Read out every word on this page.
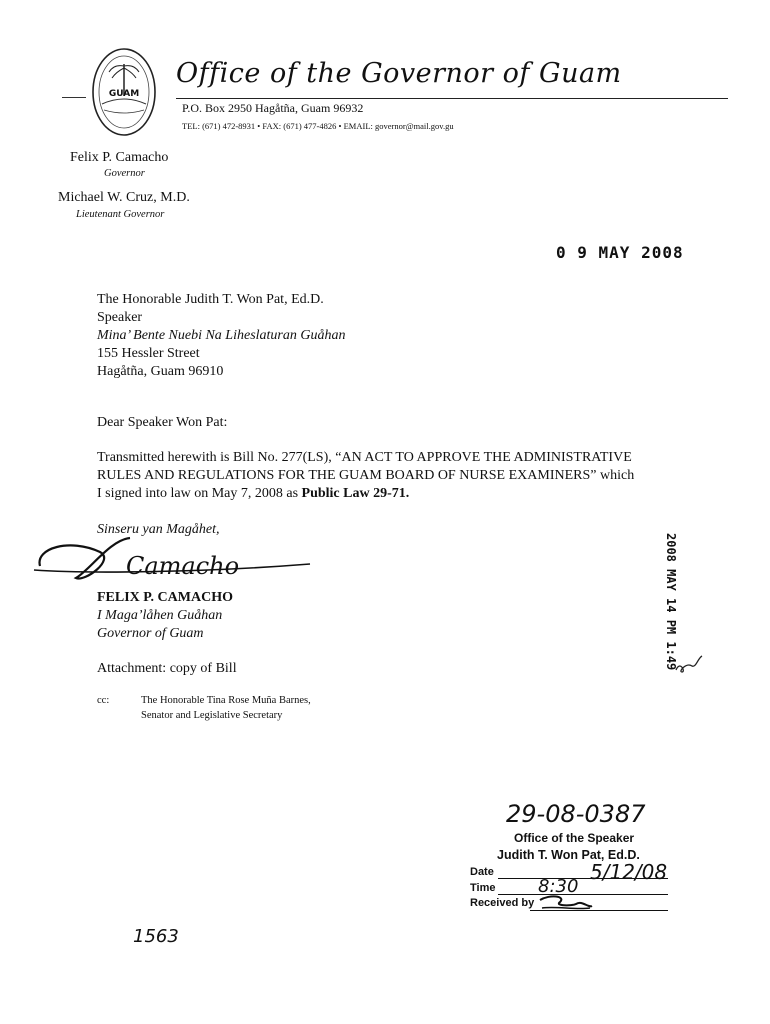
GUAM
Office of the Governor of Guam
P.O. Box 2950 Hagåtña, Guam 96932
TEL: (671) 472-8931 • FAX: (671) 477-4826 • EMAIL: governor@mail.gov.gu
Felix P. Camacho
Governor
Michael W. Cruz, M.D.
Lieutenant Governor
0 9 MAY 2008
The Honorable Judith T. Won Pat, Ed.D.
Speaker
Mina’ Bente Nuebi Na Liheslaturan Guåhan
155 Hessler Street
Hagåtña, Guam 96910
Dear Speaker Won Pat:
Transmitted herewith is Bill No. 277(LS), “AN ACT TO APPROVE THE ADMINISTRATIVE
RULES AND REGULATIONS FOR THE GUAM BOARD OF NURSE EXAMINERS” which
I signed into law on May 7, 2008 as Public Law 29-71.
Sinseru yan Magåhet,
Camacho
FELIX P. CAMACHO
I Maga’låhen Guåhan
Governor of Guam
Attachment: copy of Bill
cc:	The Honorable Tina Rose Muña Barnes,
Senator and Legislative Secretary
2008 MAY 14 PM 1:49
29-08-0387
Office of the Speaker
Judith T. Won Pat, Ed.D.
Date	5/12/08
Time 8:30
Received by
1563
